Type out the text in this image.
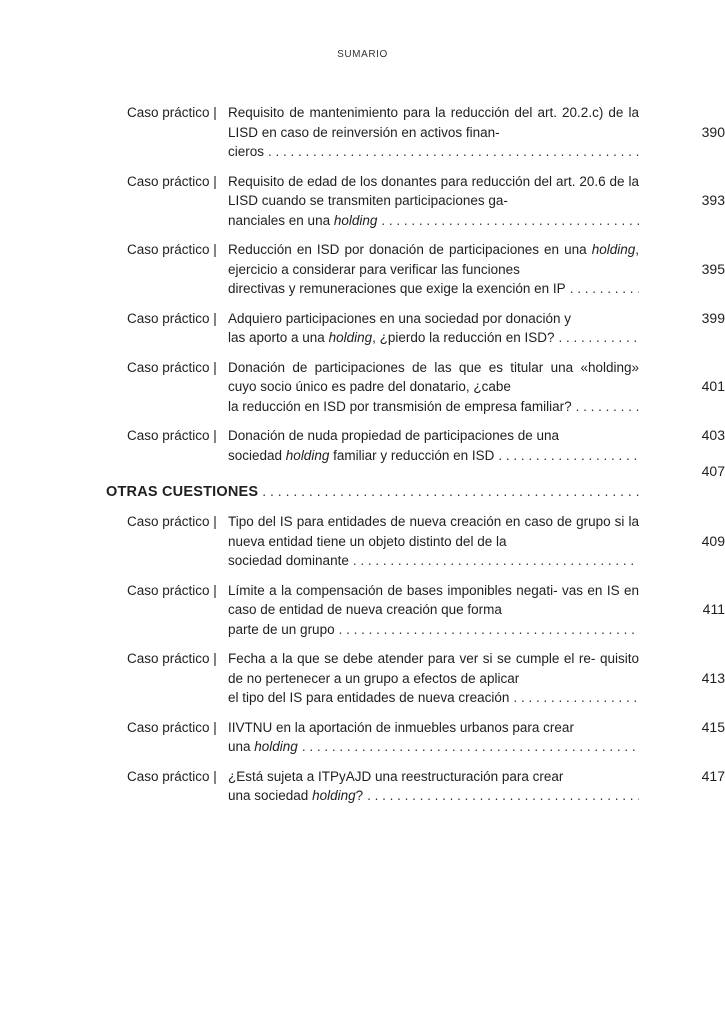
SUMARIO
Caso práctico | Requisito de mantenimiento para la reducción del art. 20.2.c) de la LISD en caso de reinversión en activos finan-
cieros
. . .
390
Caso práctico | Requisito de edad de los donantes para reducción del art. 20.6 de la LISD cuando se transmiten participaciones ga-
nanciales en una holding
. . .
393
Caso práctico | Reducción en ISD por donación de participaciones en una holding, ejercicio a considerar para verificar las funciones
directivas y remuneraciones que exige la exención en IP
. . .
395
Caso práctico | Adquiero participaciones en una sociedad por donación y
las aporto a una holding, ¿pierdo la reducción en ISD?
. . .
399
Caso práctico | Donación de participaciones de las que es titular una «holding» cuyo socio único es padre del donatario, ¿cabe
la reducción en ISD por transmisión de empresa familiar?
. . .
401
Caso práctico | Donación de nuda propiedad de participaciones de una
sociedad holding familiar y reducción en ISD
. . .
403
OTRAS CUESTIONES
. . .
407
Caso práctico | Tipo del IS para entidades de nueva creación en caso de grupo si la nueva entidad tiene un objeto distinto del de la
sociedad dominante
. . .
409
Caso práctico | Límite a la compensación de bases imponibles negati- vas en IS en caso de entidad de nueva creación que forma
parte de un grupo
. . .
411
Caso práctico | Fecha a la que se debe atender para ver si se cumple el re- quisito de no pertenecer a un grupo a efectos de aplicar
el tipo del IS para entidades de nueva creación
. . .
413
Caso práctico | IIVTNU en la aportación de inmuebles urbanos para crear
una holding
. . .
415
Caso práctico | ¿Está sujeta a ITPyAJD una reestructuración para crear
una sociedad holding?
. . .
417
